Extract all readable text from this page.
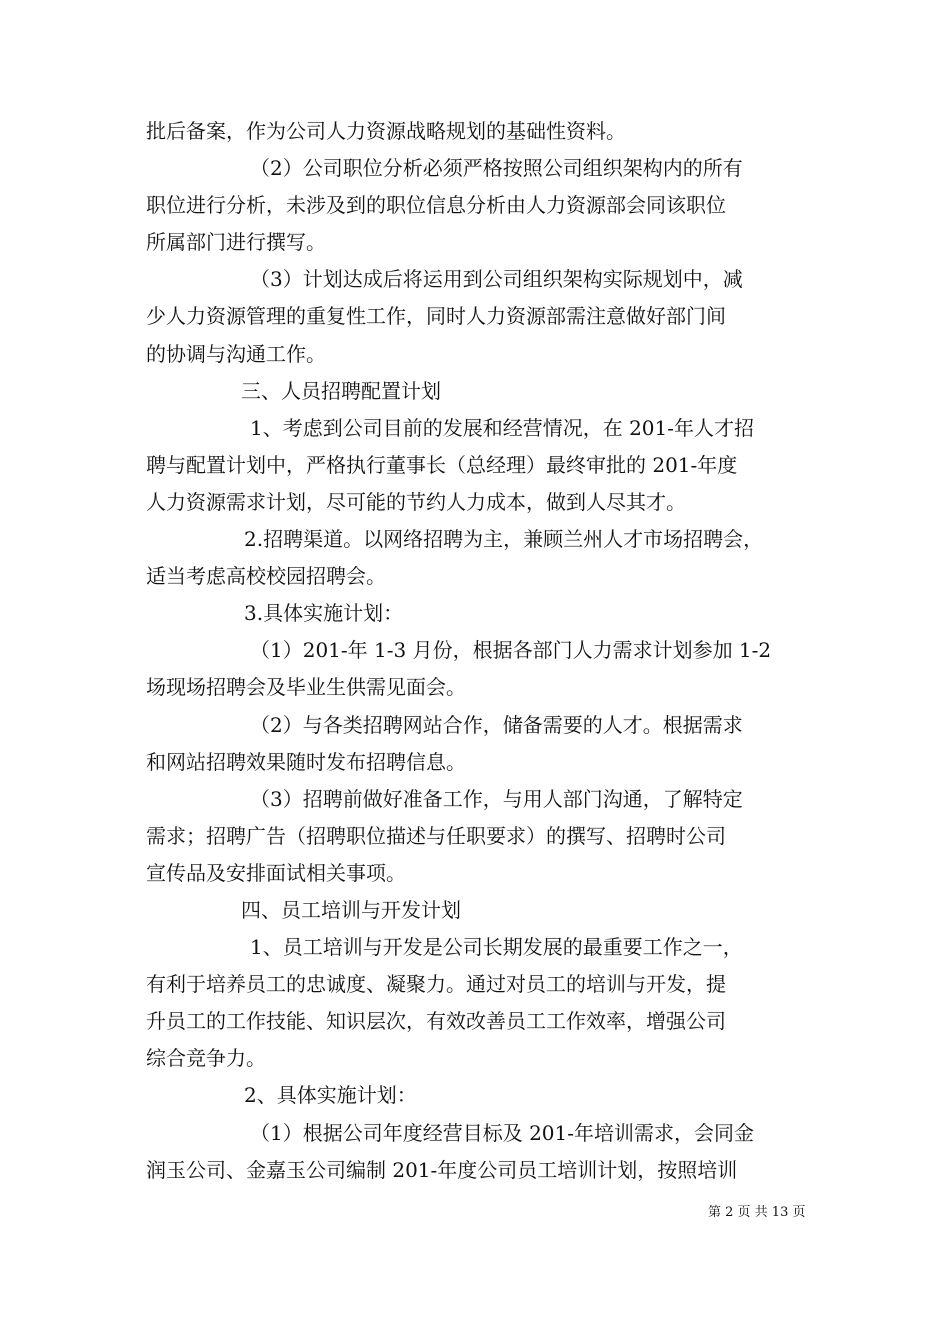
批后备案，作为公司人力资源战略规划的基础性资料。
（2）公司职位分析必须严格按照公司组织架构内的所有
职位进行分析，未涉及到的职位信息分析由人力资源部会同该职位
所属部门进行撰写。
（3）计划达成后将运用到公司组织架构实际规划中，减
少人力资源管理的重复性工作，同时人力资源部需注意做好部门间
的协调与沟通工作。
三、人员招聘配置计划
1、考虑到公司目前的发展和经营情况，在 201-年人才招
聘与配置计划中，严格执行董事长（总经理）最终审批的 201-年度
人力资源需求计划，尽可能的节约人力成本，做到人尽其才。
2.招聘渠道。以网络招聘为主，兼顾兰州人才市场招聘会，
适当考虑高校校园招聘会。
3.具体实施计划：
（1）201-年 1-3 月份，根据各部门人力需求计划参加 1-2
场现场招聘会及毕业生供需见面会。
（2）与各类招聘网站合作，储备需要的人才。根据需求
和网站招聘效果随时发布招聘信息。
（3）招聘前做好准备工作，与用人部门沟通，了解特定
需求；招聘广告（招聘职位描述与任职要求）的撰写、招聘时公司
宣传品及安排面试相关事项。
四、员工培训与开发计划
1、员工培训与开发是公司长期发展的最重要工作之一，
有利于培养员工的忠诚度、凝聚力。通过对员工的培训与开发，提
升员工的工作技能、知识层次，有效改善员工工作效率，增强公司
综合竞争力。
2、具体实施计划：
（1）根据公司年度经营目标及 201-年培训需求，会同金
润玉公司、金嘉玉公司编制 201-年度公司员工培训计划，按照培训
第 2 页 共 13 页
